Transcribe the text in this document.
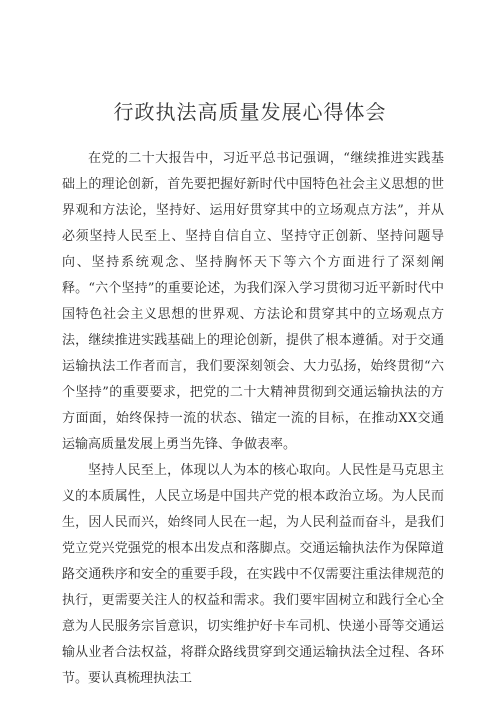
行政执法高质量发展心得体会

在党的二十大报告中，习近平总书记强调，“继续推进实践基础上的理论创新，首先要把握好新时代中国特色社会主义思想的世界观和方法论，坚持好、运用好贯穿其中的立场观点方法”，并从必须坚持人民至上、坚持自信自立、坚持守正创新、坚持问题导向、坚持系统观念、坚持胸怀天下等六个方面进行了深刻阐释。“六个坚持”的重要论述，为我们深入学习贯彻习近平新时代中国特色社会主义思想的世界观、方法论和贯穿其中的立场观点方法，继续推进实践基础上的理论创新，提供了根本遵循。对于交通运输执法工作者而言，我们要深刻领会、大力弘扬，始终贯彻“六个坚持”的重要要求，把党的二十大精神贯彻到交通运输执法的方方面面，始终保持一流的状态、锚定一流的目标，在推动XX交通运输高质量发展上勇当先锋、争做表率。

坚持人民至上，体现以人为本的核心取向。人民性是马克思主义的本质属性，人民立场是中国共产党的根本政治立场。为人民而生，因人民而兴，始终同人民在一起，为人民利益而奋斗，是我们党立党兴党强党的根本出发点和落脚点。交通运输执法作为保障道路交通秩序和安全的重要手段，在实践中不仅需要注重法律规范的执行，更需要关注人的权益和需求。我们要牢固树立和践行全心全意为人民服务宗旨意识，切实维护好卡车司机、快递小哥等交通运输从业者合法权益，将群众路线贯穿到交通运输执法全过程、各环节。要认真梳理执法工
